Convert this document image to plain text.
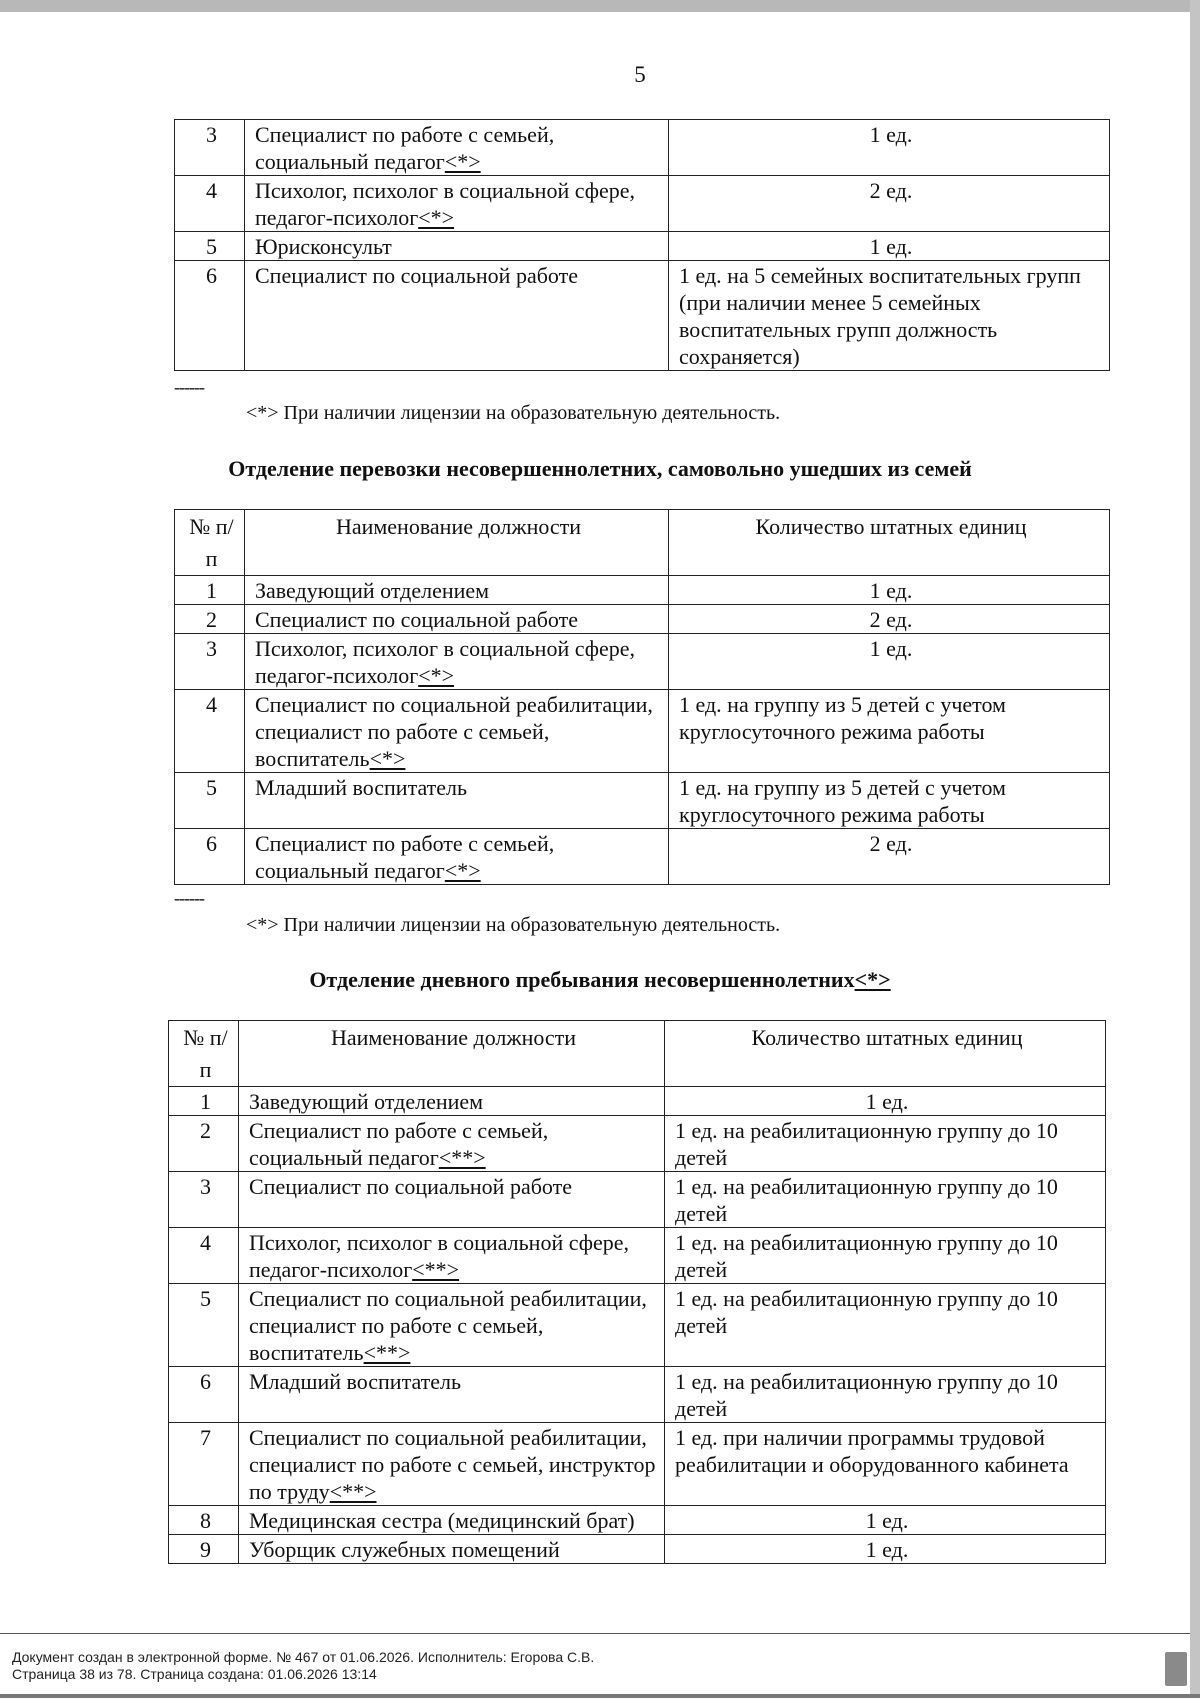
5
3	Специалист по работе с семьей, социальный педагог<*>	1 ед.
4	Психолог, психолог в социальной сфере, педагог-психолог<*>	2 ед.
5	Юрисконсульт	1 ед.
6	Специалист по социальной работе	1 ед. на 5 семейных воспитательных групп (при наличии менее 5 семейных воспитательных групп должность сохраняется)
------
<*> При наличии лицензии на образовательную деятельность.
Отделение перевозки несовершеннолетних, самовольно ушедших из семей
№ п/п	Наименование должности	Количество штатных единиц
1	Заведующий отделением	1 ед.
2	Специалист по социальной работе	2 ед.
3	Психолог, психолог в социальной сфере, педагог-психолог<*>	1 ед.
4	Специалист по социальной реабилитации, специалист по работе с семьей, воспитатель<*>	1 ед. на группу из 5 детей с учетом круглосуточного режима работы
5	Младший воспитатель	1 ед. на группу из 5 детей с учетом круглосуточного режима работы
6	Специалист по работе с семьей, социальный педагог<*>	2 ед.
------
<*> При наличии лицензии на образовательную деятельность.
Отделение дневного пребывания несовершеннолетних<*>
№ п/п	Наименование должности	Количество штатных единиц
1	Заведующий отделением	1 ед.
2	Специалист по работе с семьей, социальный педагог<**>	1 ед. на реабилитационную группу до 10 детей
3	Специалист по социальной работе	1 ед. на реабилитационную группу до 10 детей
4	Психолог, психолог в социальной сфере, педагог-психолог<**>	1 ед. на реабилитационную группу до 10 детей
5	Специалист по социальной реабилитации, специалист по работе с семьей, воспитатель<**>	1 ед. на реабилитационную группу до 10 детей
6	Младший воспитатель	1 ед. на реабилитационную группу до 10 детей
7	Специалист по социальной реабилитации, специалист по работе с семьей, инструктор по труду<**>	1 ед. при наличии программы трудовой реабилитации и оборудованного кабинета
8	Медицинская сестра (медицинский брат)	1 ед.
9	Уборщик служебных помещений	1 ед.
Документ создан в электронной форме. № 467 от 01.06.2026. Исполнитель: Егорова С.В.
Страница 38 из 78. Страница создана: 01.06.2026 13:14
